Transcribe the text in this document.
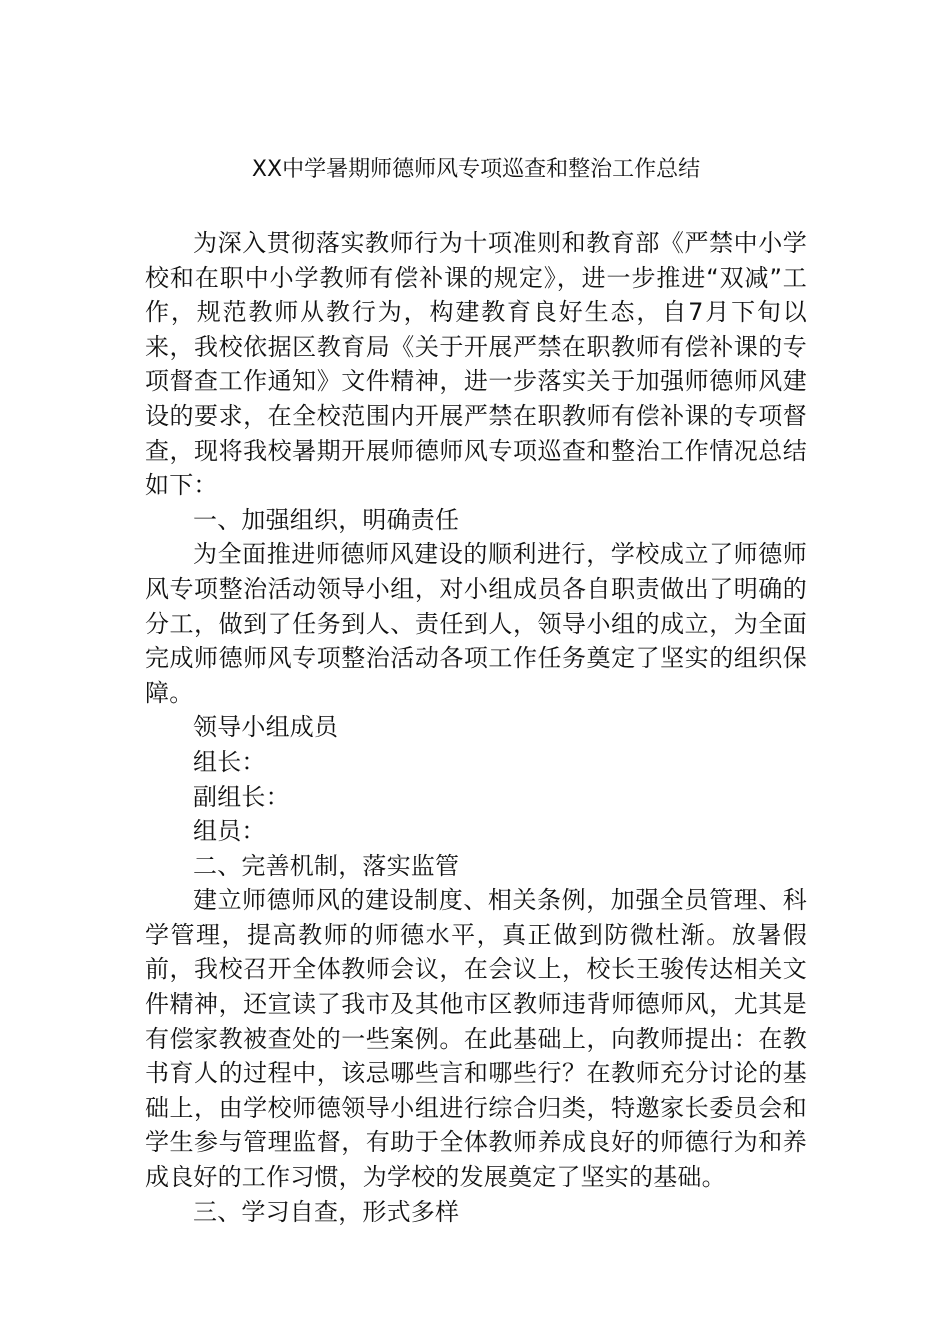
XX中学暑期师德师风专项巡查和整治工作总结

为深入贯彻落实教师行为十项准则和教育部《严禁中小学校和在职中小学教师有偿补课的规定》，进一步推进“双减”工作，规范教师从教行为，构建教育良好生态，自7月下旬以来，我校依据区教育局《关于开展严禁在职教师有偿补课的专项督查工作通知》文件精神，进一步落实关于加强师德师风建设的要求，在全校范围内开展严禁在职教师有偿补课的专项督查，现将我校暑期开展师德师风专项巡查和整治工作情况总结如下：

一、加强组织，明确责任

为全面推进师德师风建设的顺利进行，学校成立了师德师风专项整治活动领导小组，对小组成员各自职责做出了明确的分工，做到了任务到人、责任到人，领导小组的成立，为全面完成师德师风专项整治活动各项工作任务奠定了坚实的组织保障。

领导小组成员

组长：

副组长：

组员：

二、完善机制，落实监管

建立师德师风的建设制度、相关条例，加强全员管理、科学管理，提高教师的师德水平，真正做到防微杜渐。放暑假前，我校召开全体教师会议，在会议上，校长王骏传达相关文件精神，还宣读了我市及其他市区教师违背师德师风，尤其是有偿家教被查处的一些案例。在此基础上，向教师提出：在教书育人的过程中，该忌哪些言和哪些行？在教师充分讨论的基础上，由学校师德领导小组进行综合归类，特邀家长委员会和学生参与管理监督，有助于全体教师养成良好的师德行为和养成良好的工作习惯，为学校的发展奠定了坚实的基础。

三、学习自查，形式多样
